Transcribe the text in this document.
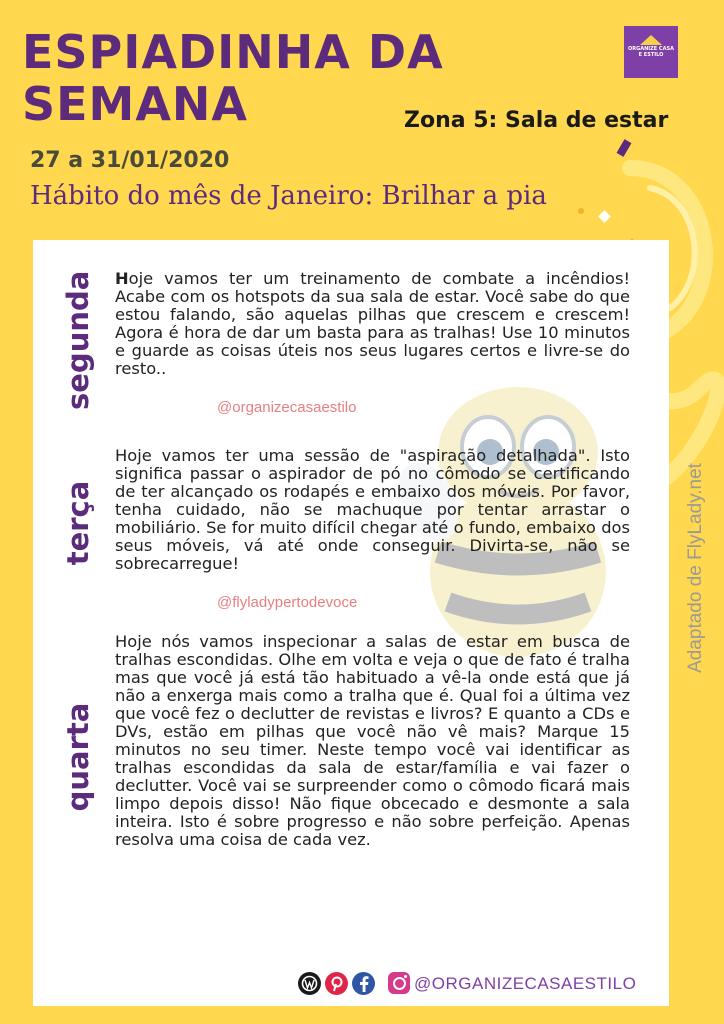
ESPIADINHA DA
SEMANA
ORGANIZE CASA E ESTILO
Zona 5: Sala de estar
27 a 31/01/2020
Hábito do mês de Janeiro: Brilhar a pia
segunda
terça
quarta

Hoje vamos ter um treinamento de combate a incêndios! Acabe com os hotspots da sua sala de estar. Você sabe do que estou falando, são aquelas pilhas que crescem e crescem! Agora é hora de dar um basta para as tralhas! Use 10 minutos e guarde as coisas úteis nos seus lugares certos e livre-se do resto..

@organizecasaestilo

Hoje vamos ter uma sessão de "aspiração detalhada". Isto significa passar o aspirador de pó no cômodo se certificando de ter alcançado os rodapés e embaixo dos móveis. Por favor, tenha cuidado, não se machuque por tentar arrastar o mobiliário. Se for muito difícil chegar até o fundo, embaixo dos seus móveis, vá até onde conseguir. Divirta-se, não se sobrecarregue!

@flyladypertodevoce

Hoje nós vamos inspecionar a salas de estar em busca de tralhas escondidas. Olhe em volta e veja o que de fato é tralha mas que você já está tão habituado a vê-la onde está que já não a enxerga mais como a tralha que é. Qual foi a última vez que você fez o declutter de revistas e livros? E quanto a CDs e DVs, estão em pilhas que você não vê mais? Marque 15 minutos no seu timer. Neste tempo você vai identificar as tralhas escondidas da sala de estar/família e vai fazer o declutter. Você vai se surpreender como o cômodo ficará mais limpo depois disso! Não fique obcecado e desmonte a sala inteira. Isto é sobre progresso e não sobre perfeição. Apenas resolva uma coisa de cada vez.

Adaptado de FlyLady.net
@ORGANIZECASAESTILO
